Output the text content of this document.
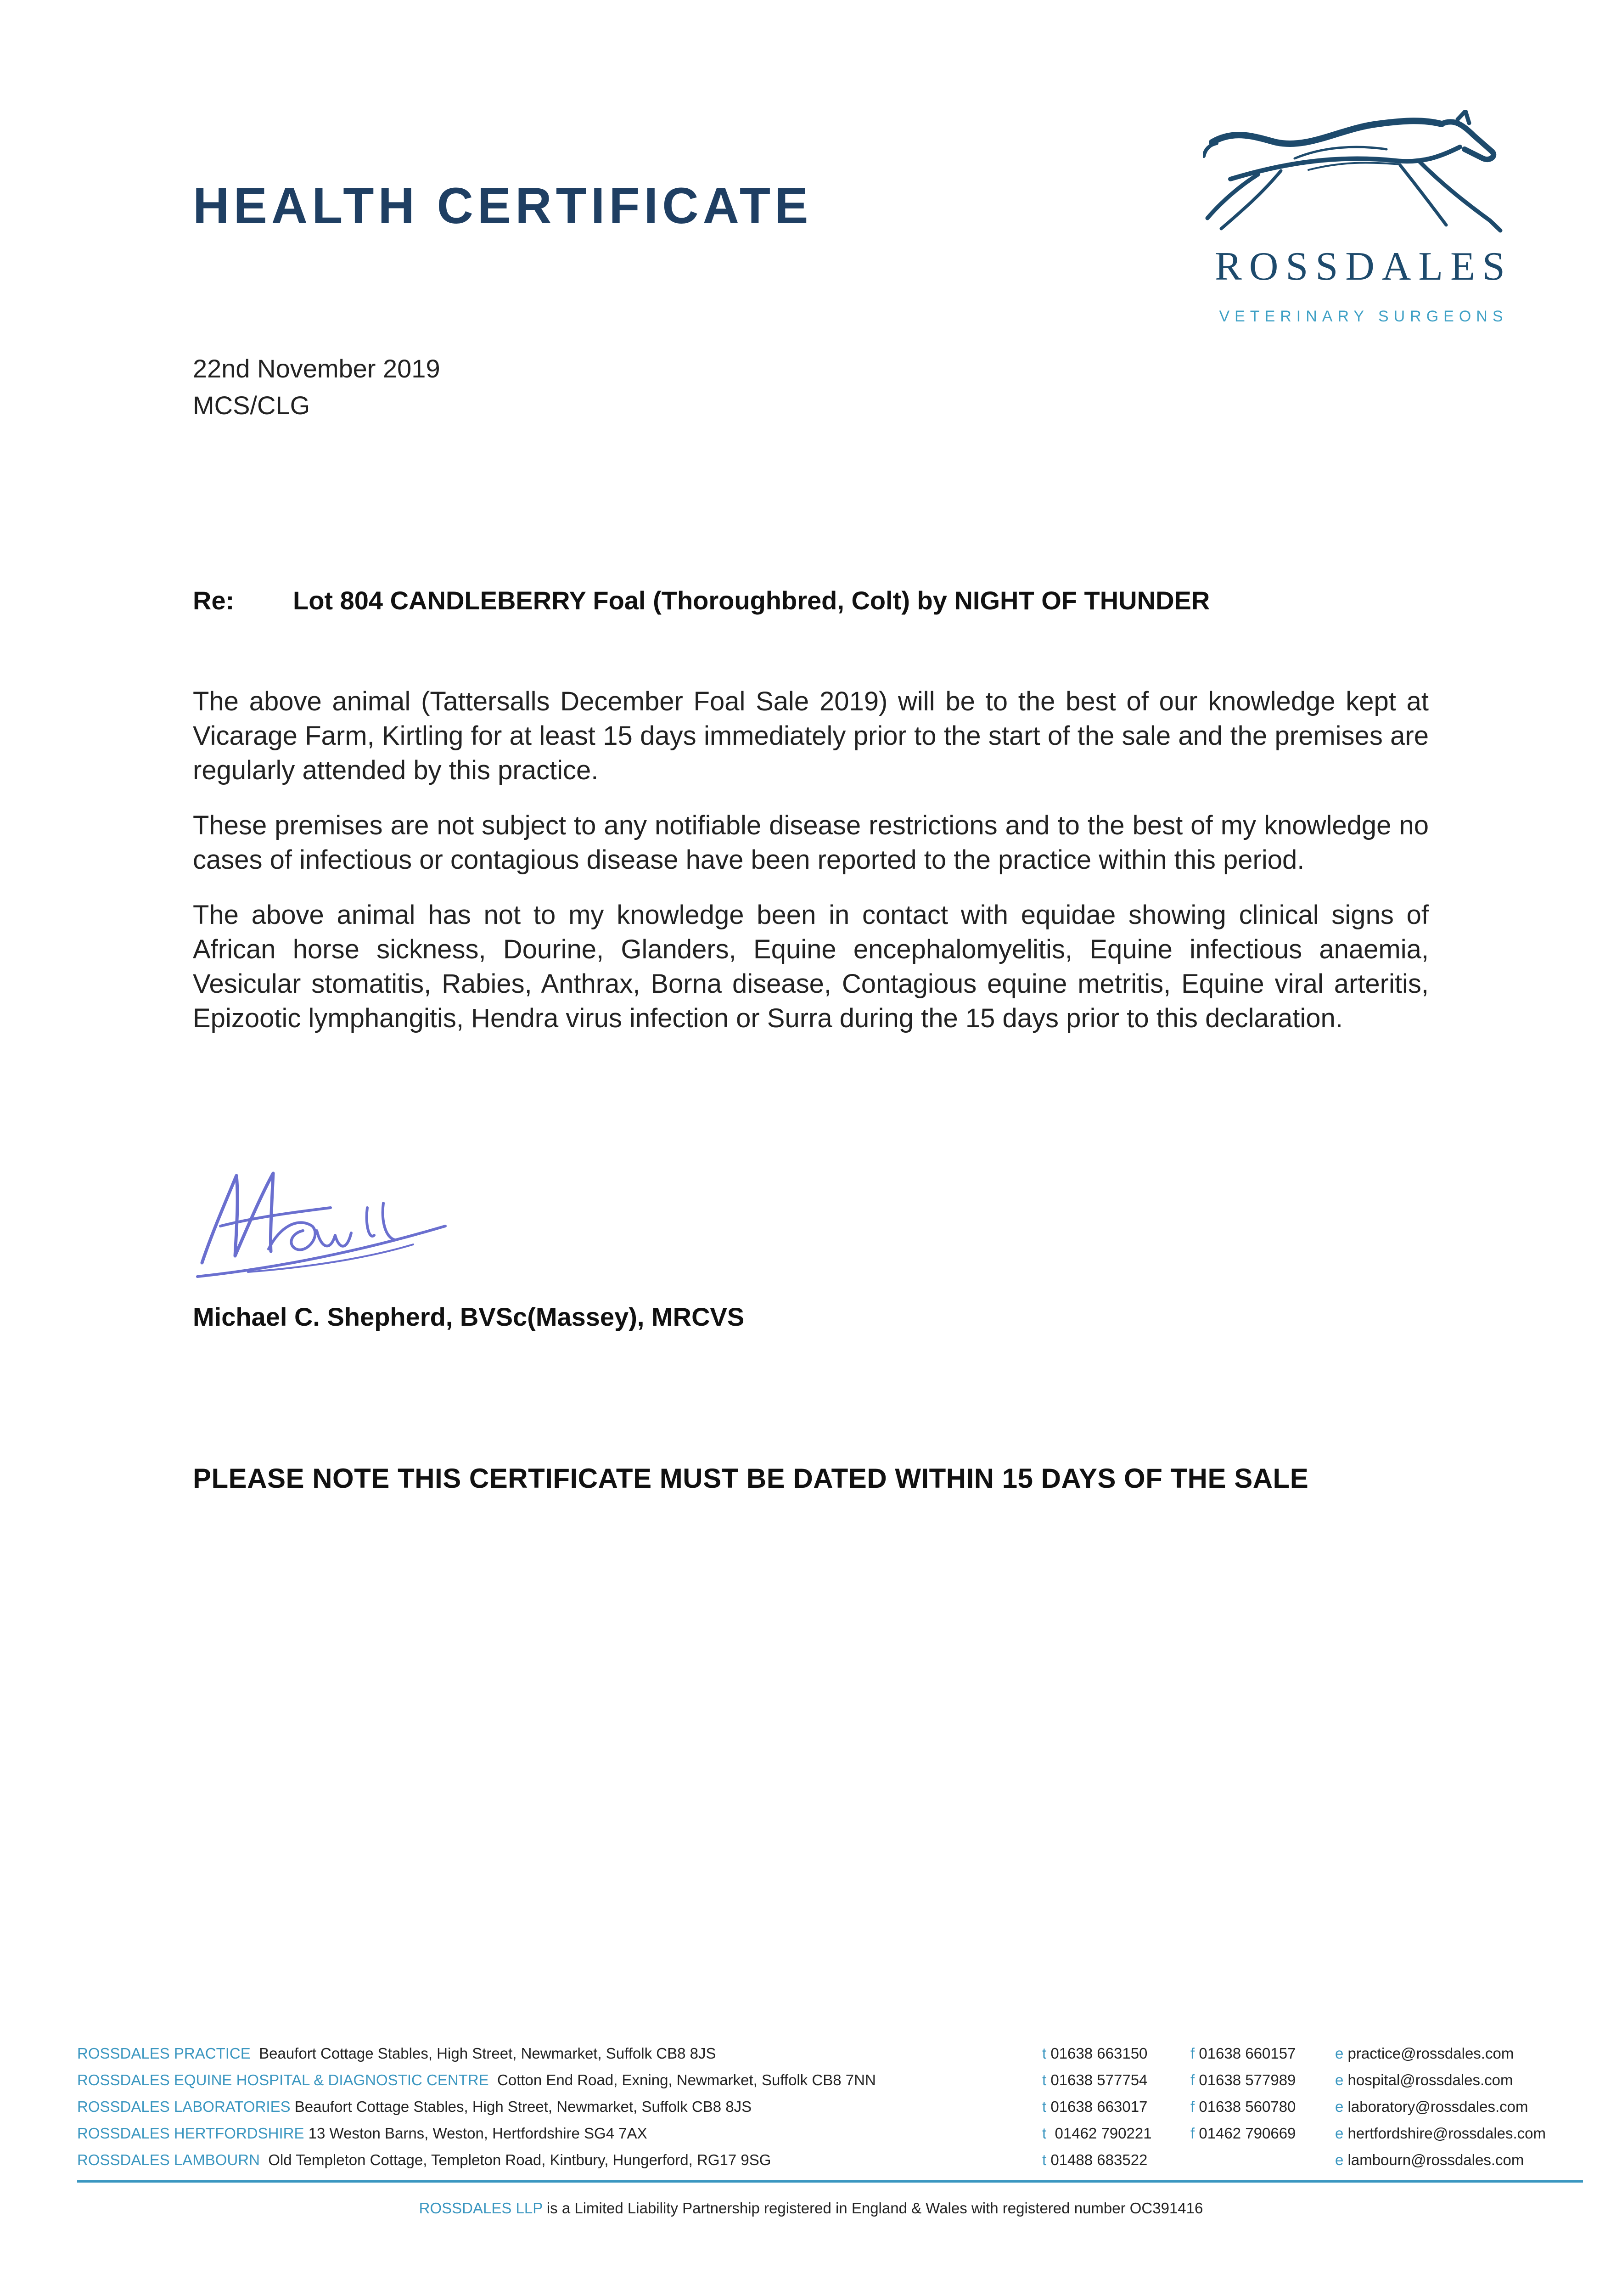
HEALTH CERTIFICATE
ROSSDALES
VETERINARY SURGEONS
22nd November 2019
MCS/CLG
Re: Lot 804 CANDLEBERRY Foal (Thoroughbred, Colt) by NIGHT OF THUNDER

The above animal (Tattersalls December Foal Sale 2019) will be to the best of our knowledge kept at Vicarage Farm, Kirtling for at least 15 days immediately prior to the start of the sale and the premises are regularly attended by this practice.

These premises are not subject to any notifiable disease restrictions and to the best of my knowledge no cases of infectious or contagious disease have been reported to the practice within this period.

The above animal has not to my knowledge been in contact with equidae showing clinical signs of African horse sickness, Dourine, Glanders, Equine encephalomyelitis, Equine infectious anaemia, Vesicular stomatitis, Rabies, Anthrax, Borna disease, Contagious equine metritis, Equine viral arteritis, Epizootic lymphangitis, Hendra virus infection or Surra during the 15 days prior to this declaration.

Michael C. Shepherd, BVSc(Massey), MRCVS
PLEASE NOTE THIS CERTIFICATE MUST BE DATED WITHIN 15 DAYS OF THE SALE
ROSSDALES PRACTICE Beaufort Cottage Stables, High Street, Newmarket, Suffolk CB8 8JS	t 01638 663150	f 01638 660157	e practice@rossdales.com
ROSSDALES EQUINE HOSPITAL & DIAGNOSTIC CENTRE Cotton End Road, Exning, Newmarket, Suffolk CB8 7NN	t 01638 577754	f 01638 577989	e hospital@rossdales.com
ROSSDALES LABORATORIES Beaufort Cottage Stables, High Street, Newmarket, Suffolk CB8 8JS	t 01638 663017	f 01638 560780	e laboratory@rossdales.com
ROSSDALES HERTFORDSHIRE 13 Weston Barns, Weston, Hertfordshire SG4 7AX	t 01462 790221	f 01462 790669	e hertfordshire@rossdales.com
ROSSDALES LAMBOURN Old Templeton Cottage, Templeton Road, Kintbury, Hungerford, RG17 9SG	t 01488 683522	e lambourn@rossdales.com
ROSSDALES LLP is a Limited Liability Partnership registered in England & Wales with registered number OC391416
